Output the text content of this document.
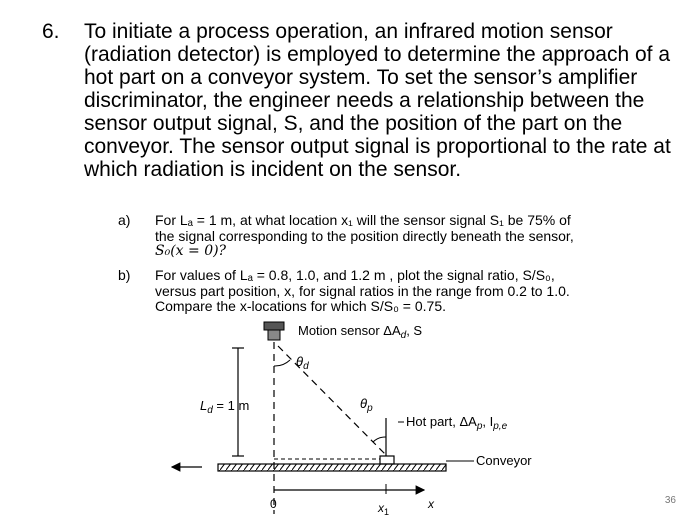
6. To initiate a process operation, an infrared motion sensor (radiation detector) is employed to determine the approach of a hot part on a conveyor system. To set the sensor’s amplifier discriminator, the engineer needs a relationship between the sensor output signal, S, and the position of the part on the conveyor. The sensor output signal is proportional to the rate at which radiation is incident on the sensor.
a) For Lₐ = 1 m, at what location x₁ will the sensor signal S₁ be 75% of
the signal corresponding to the position directly beneath the sensor,
S₀(x = 0)?
b) For values of Lₐ = 0.8, 1.0, and 1.2 m , plot the signal ratio, S/S₀,
versus part position, x, for signal ratios in the range from 0.2 to 1.0.
Compare the x-locations for which S/S₀ = 0.75.
Motion sensor $\Delta A_d$, S
$L_d = 1$ m
$\theta_d$
$\theta_p$
Hot part, $\Delta A_p$, $I_{p,e}$
Conveyor
0	$x_1$
x	36
